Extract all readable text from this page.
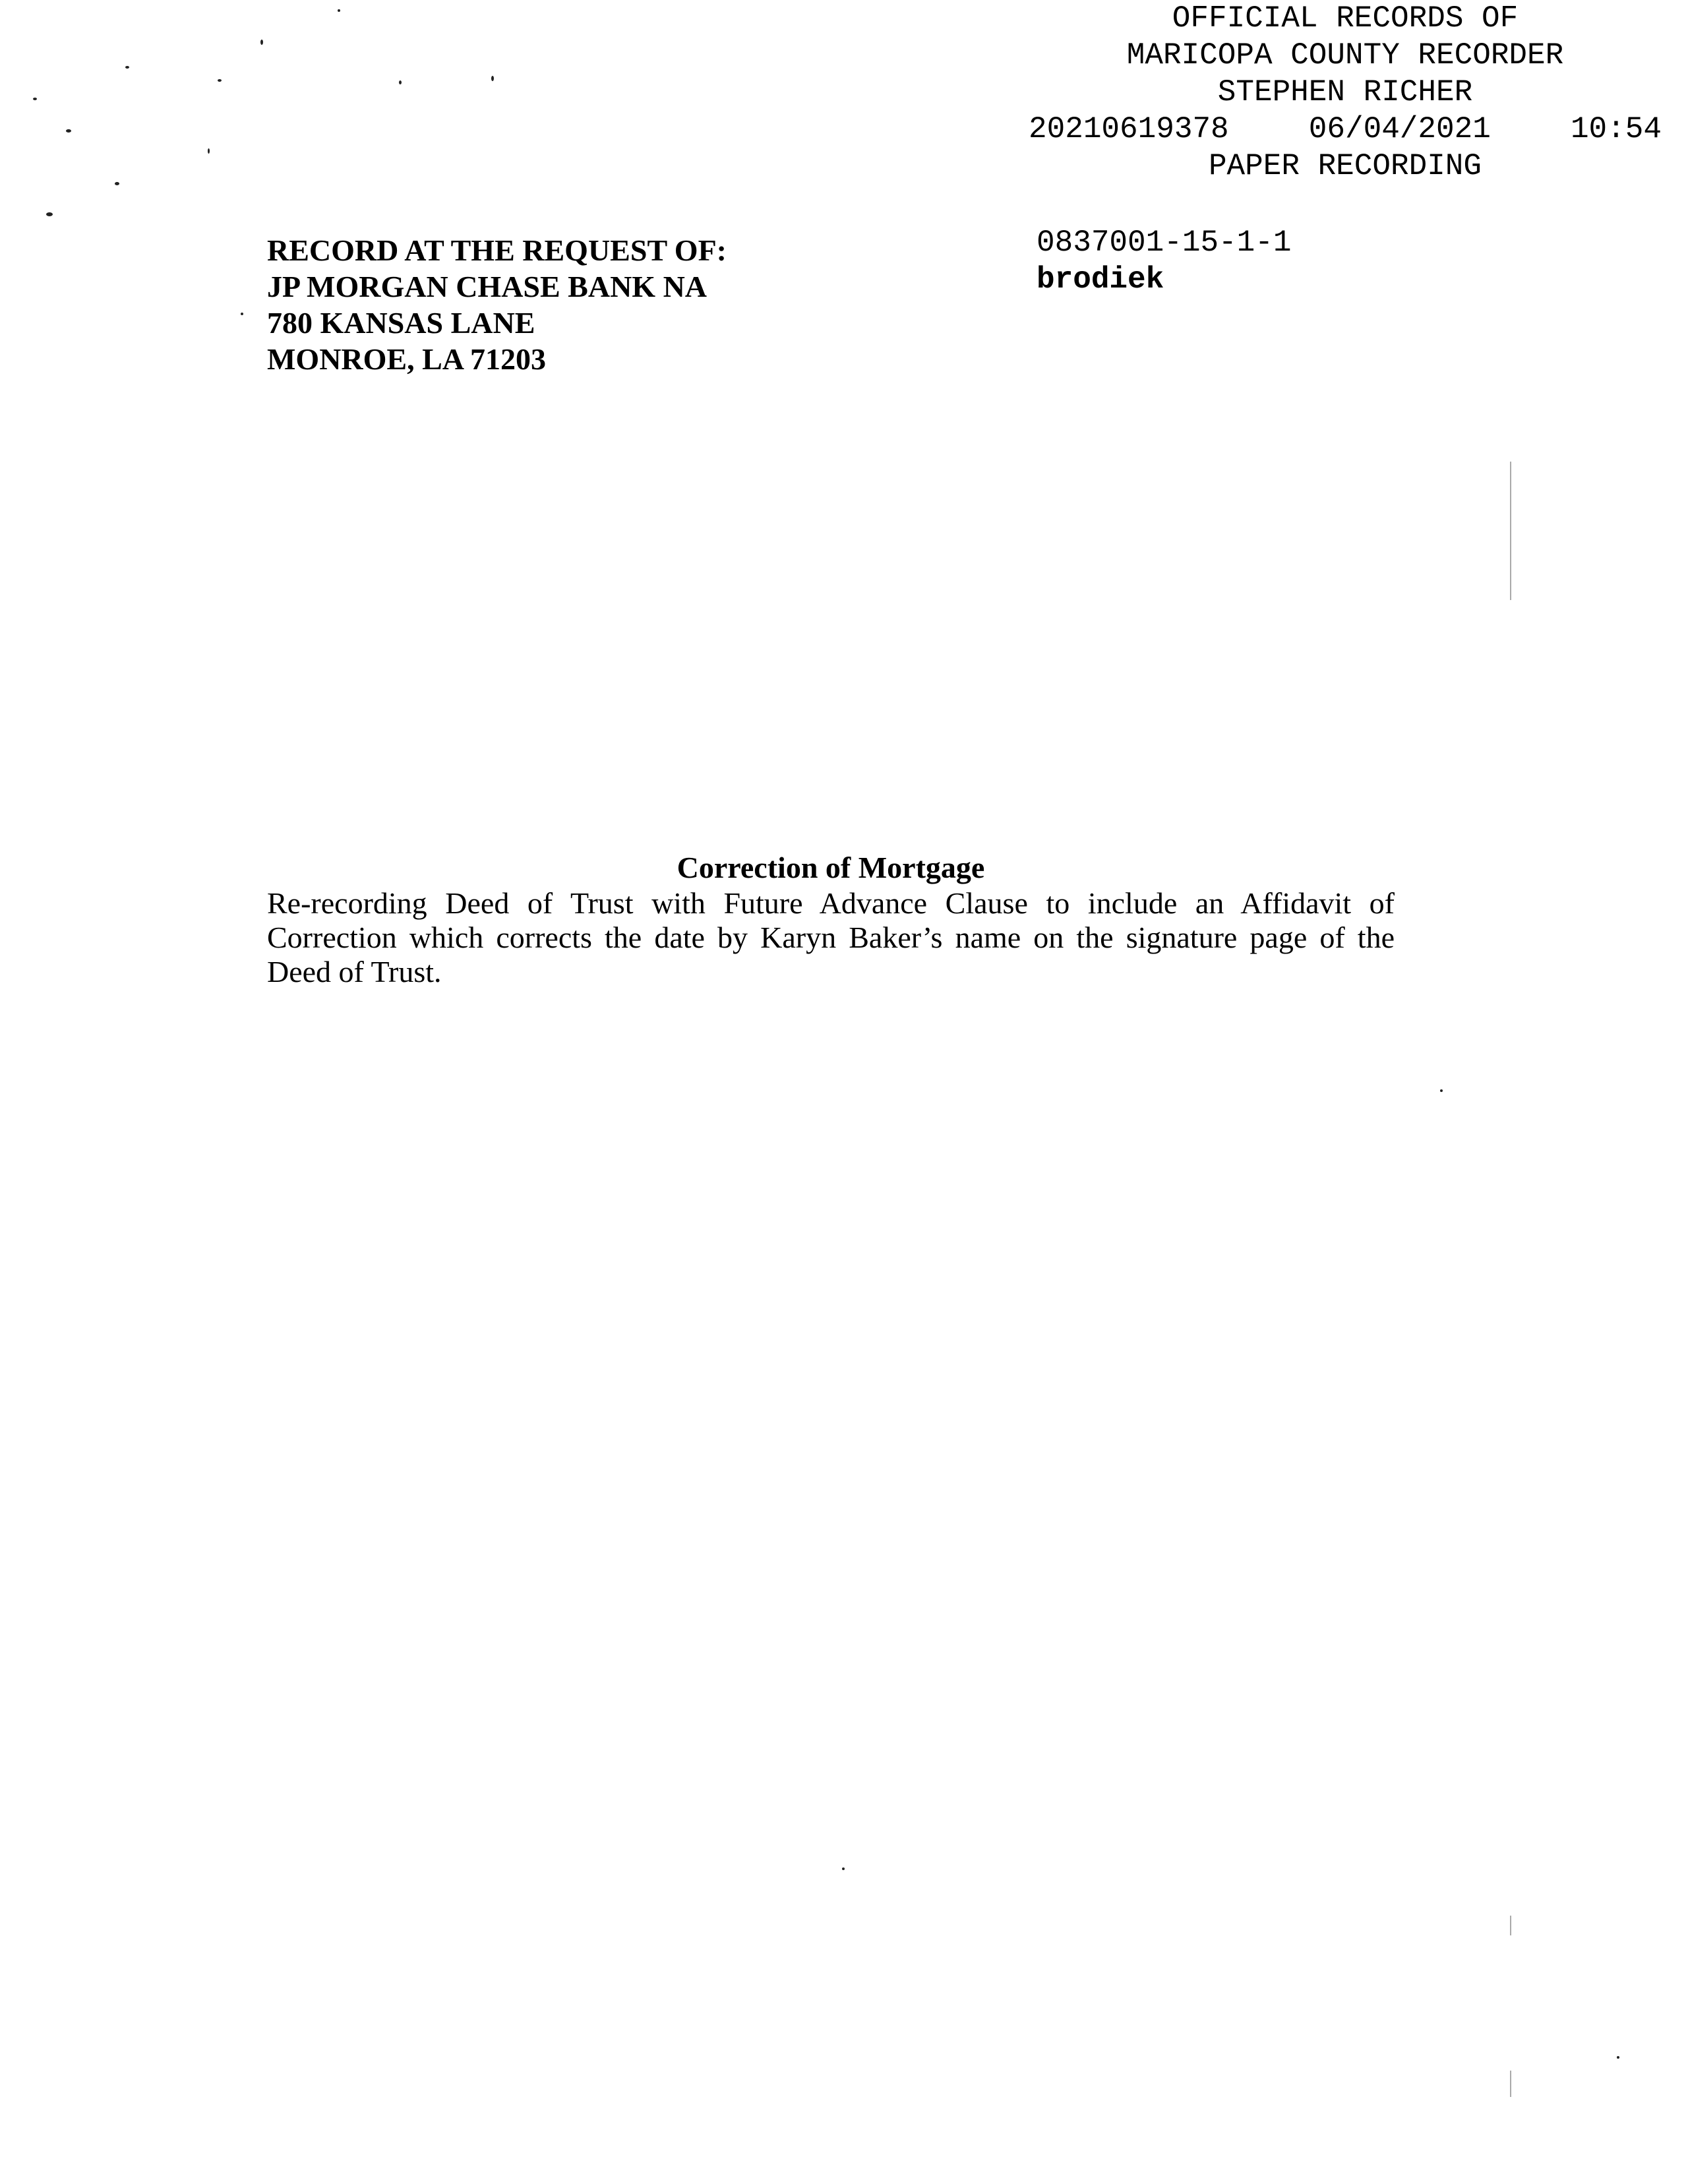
OFFICIAL RECORDS OF
MARICOPA COUNTY RECORDER
STEPHEN RICHER
20210619378	06/04/2021	10:54
PAPER RECORDING
RECORD AT THE REQUEST OF:
JP MORGAN CHASE BANK NA
780 KANSAS LANE
MONROE, LA 71203
0837001-15-1-1
brodiek
Correction of Mortgage
Re-recording Deed of Trust with Future Advance Clause to include an Affidavit of Correction which corrects the date by Karyn Baker’s name on the signature page of the Deed of Trust.
